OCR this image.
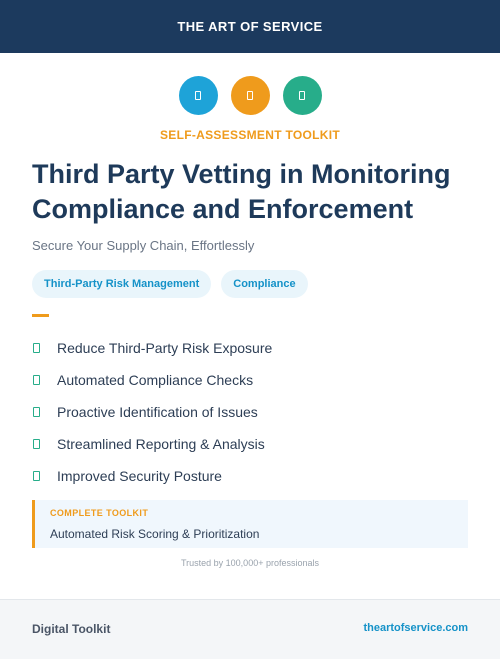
THE ART OF SERVICE
SELF-ASSESSMENT TOOLKIT
Third Party Vetting in Monitoring
Compliance and Enforcement

Secure Your Supply Chain, Effortlessly

Third-Party Risk Management	Compliance
Reduce Third-Party Risk Exposure
Automated Compliance Checks
Proactive Identification of Issues
Streamlined Reporting & Analysis
Improved Security Posture
COMPLETE TOOLKIT
Automated Risk Scoring & Prioritization
Trusted by 100,000+ professionals
Digital Toolkit	theartofservice.com
